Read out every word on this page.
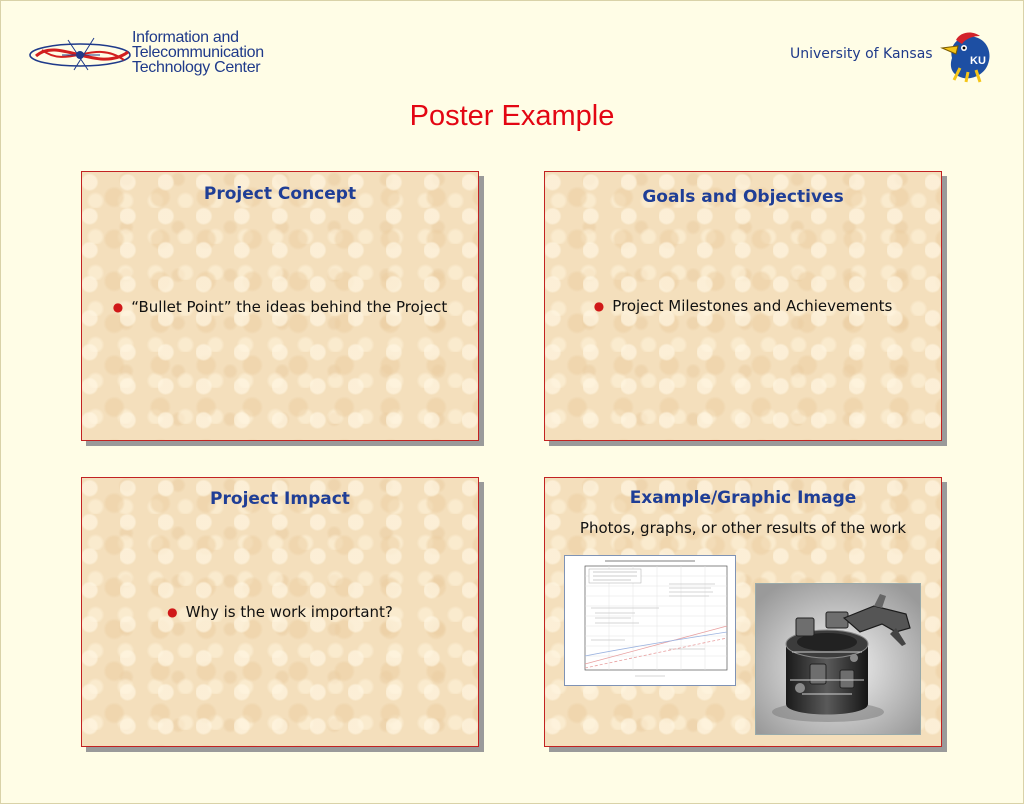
Information and
Telecommunication
Technology Center
University of Kansas	KU
Poster Example
Project Concept
● “Bullet Point” the ideas behind the Project
Goals and Objectives
● Project Milestones and Achievements
Project Impact
● Why is the work important?
Example/Graphic Image
Photos, graphs, or other results of the work
